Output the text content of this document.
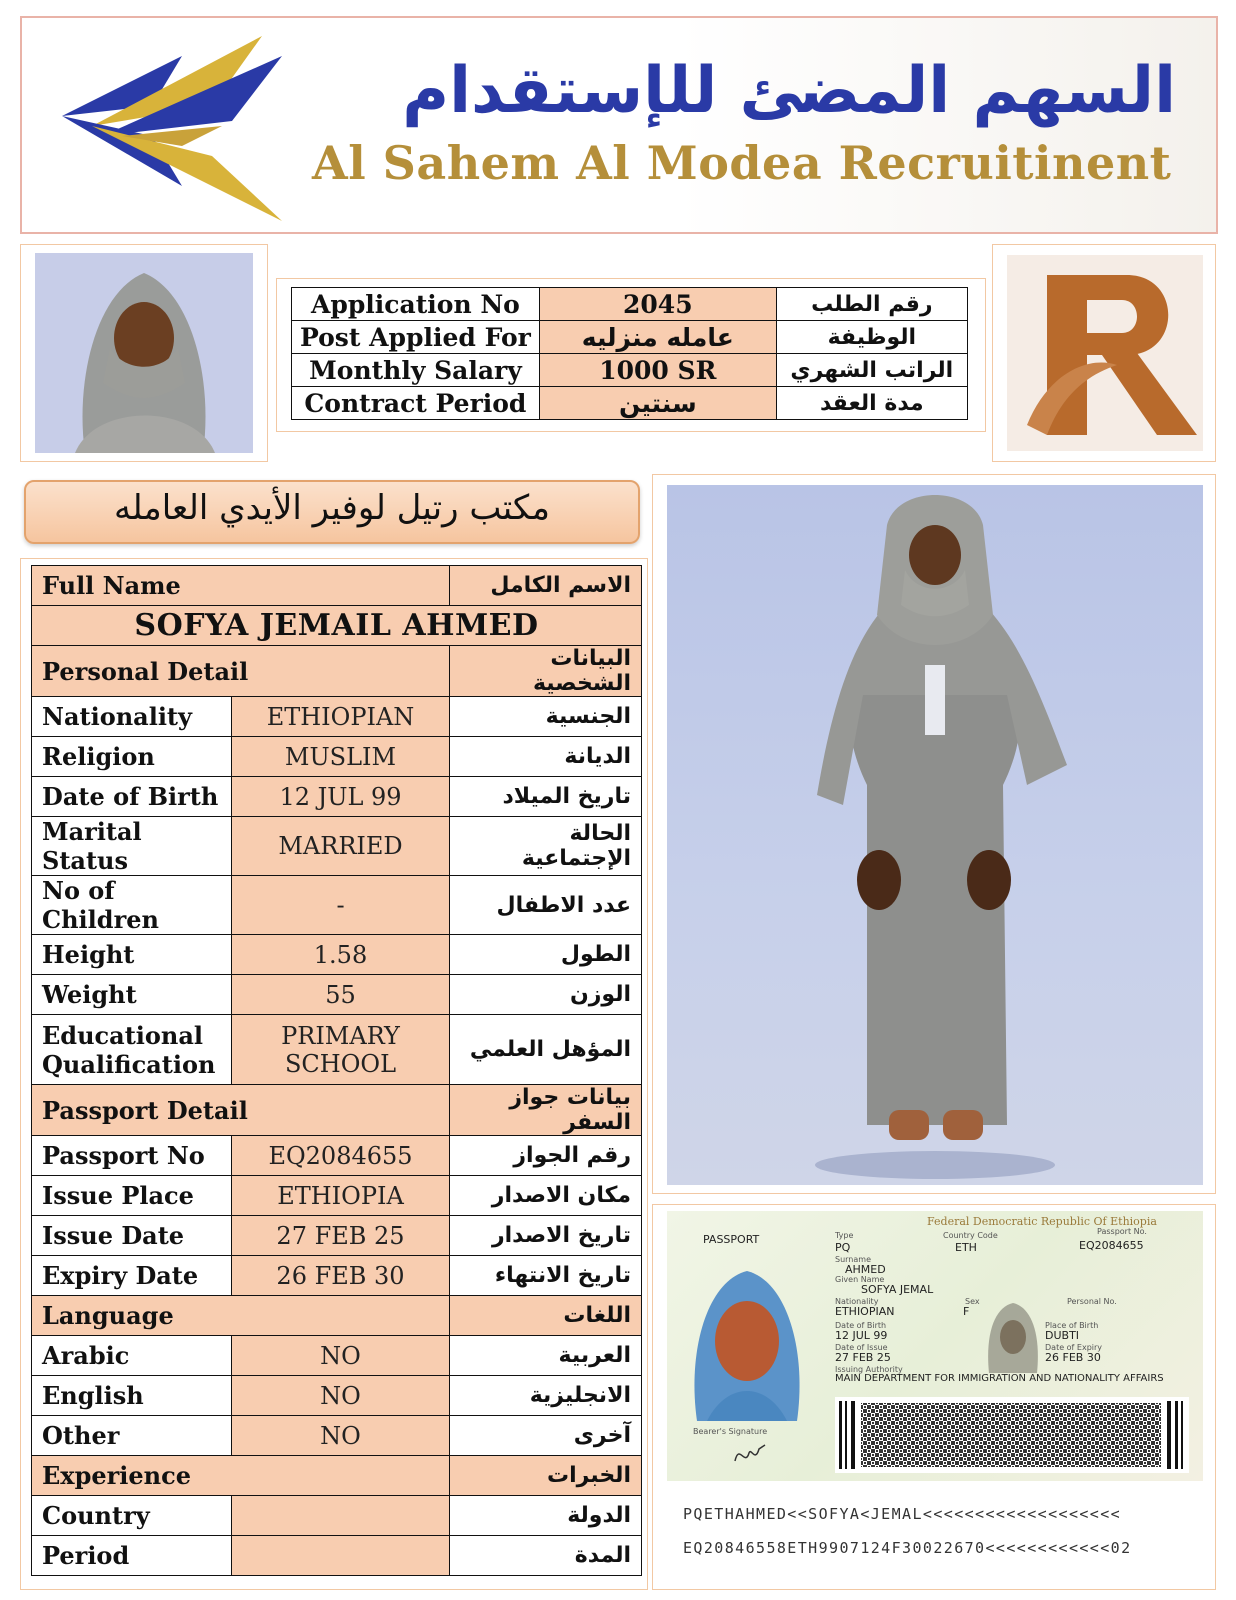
السهم المضئ للإستقدام
Al Sahem Al Modea Recruitinent
Application No	2045	رقم الطلب
Post Applied For	عامله منزليه	الوظيفة
Monthly Salary	1000 SR	الراتب الشهري
Contract Period	سنتين	مدة العقد
مكتب رتيل لوفير الأيدي العامله
Full Name		الاسم الكامل
SOFYA JEMAIL AHMED		
Personal Detail		البيانات الشخصية
Nationality	ETHIOPIAN	الجنسية
Religion	MUSLIM	الديانة
Date of Birth	12 JUL 99	تاريخ الميلاد
Marital Status	MARRIED	الحالة الإجتماعية
No of Children	-	عدد الاطفال
Height	1.58	الطول
Weight	55	الوزن
Educational Qualification	PRIMARY SCHOOL	المؤهل العلمي
Passport Detail		بيانات جواز السفر
Passport No	EQ2084655	رقم الجواز
Issue Place	ETHIOPIA	مكان الاصدار
Issue Date	27 FEB 25	تاريخ الاصدار
Expiry Date	26 FEB 30	تاريخ الانتهاء
Language		اللغات
Arabic	NO	العربية
English	NO	الانجليزية
Other	NO	آخرى
Experience		الخبرات
Country		الدولة
Period		المدة
Federal Democratic Republic Of Ethiopia
PASSPORT	Type
PQ
Country Code
ETH
Passport No.
EQ2084655
Surname
AHMED
Given Name
SOFYA JEMAL
Nationality
ETHIOPIAN
Sex
F
Personal No.
Date of Birth
12 JUL 99
Place of Birth
DUBTI
Date of Issue
27 FEB 25
Date of Expiry
26 FEB 30
Issuing Authority
MAIN DEPARTMENT FOR IMMIGRATION AND NATIONALITY AFFAIRS
Bearer's Signature
PQETHAHMED<<SOFYA<JEMAL<<<<<<<<<<<<<<<<<<<
EQ20846558ETH9907124F30022670<<<<<<<<<<<<02
